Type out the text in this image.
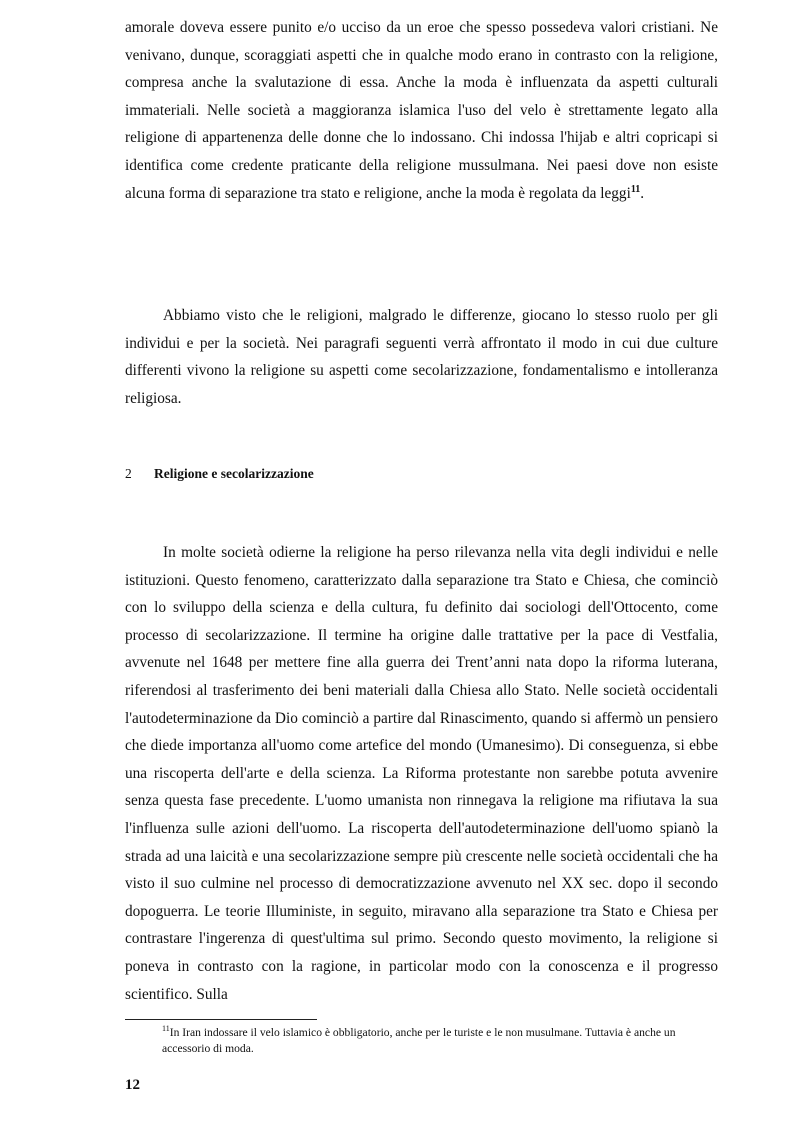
amorale doveva essere punito e/o ucciso da un eroe che spesso possedeva valori cristiani. Ne venivano, dunque, scoraggiati aspetti che in qualche modo erano in contrasto con la religione, compresa anche la svalutazione di essa. Anche la moda è influenzata da aspetti culturali immateriali. Nelle società a maggioranza islamica l'uso del velo è strettamente legato alla religione di appartenenza delle donne che lo indossano. Chi indossa l'hijab e altri copricapi si identifica come credente praticante della religione mussulmana. Nei paesi dove non esiste alcuna forma di separazione tra stato e religione, anche la moda è regolata da leggi$^{11}$.

Abbiamo visto che le religioni, malgrado le differenze, giocano lo stesso ruolo per gli individui e per la società. Nei paragrafi seguenti verrà affrontato il modo in cui due culture differenti vivono la religione su aspetti come secolarizzazione, fondamentalismo e intolleranza religiosa.

2 Religione e secolarizzazione

In molte società odierne la religione ha perso rilevanza nella vita degli individui e nelle istituzioni. Questo fenomeno, caratterizzato dalla separazione tra Stato e Chiesa, che cominciò con lo sviluppo della scienza e della cultura, fu definito dai sociologi dell'Ottocento, come processo di secolarizzazione. Il termine ha origine dalle trattative per la pace di Vestfalia, avvenute nel 1648 per mettere fine alla guerra dei Trent’anni nata dopo la riforma luterana, riferendosi al trasferimento dei beni materiali dalla Chiesa allo Stato. Nelle società occidentali l'autodeterminazione da Dio cominciò a partire dal Rinascimento, quando si affermò un pensiero che diede importanza all'uomo come artefice del mondo (Umanesimo). Di conseguenza, si ebbe una riscoperta dell'arte e della scienza. La Riforma protestante non sarebbe potuta avvenire senza questa fase precedente. L'uomo umanista non rinnegava la religione ma rifiutava la sua l'influenza sulle azioni dell'uomo. La riscoperta dell'autodeterminazione dell'uomo spianò la strada ad una laicità e una secolarizzazione sempre più crescente nelle società occidentali che ha visto il suo culmine nel processo di democratizzazione avvenuto nel XX sec. dopo il secondo dopoguerra. Le teorie Illuministe, in seguito, miravano alla separazione tra Stato e Chiesa per contrastare l'ingerenza di quest'ultima sul primo. Secondo questo movimento, la religione si poneva in contrasto con la ragione, in particolar modo con la conoscenza e il progresso scientifico. Sulla

$^{11}$In Iran indossare il velo islamico è obbligatorio, anche per le turiste e le non musulmane. Tuttavia è anche un accessorio di moda.
12
